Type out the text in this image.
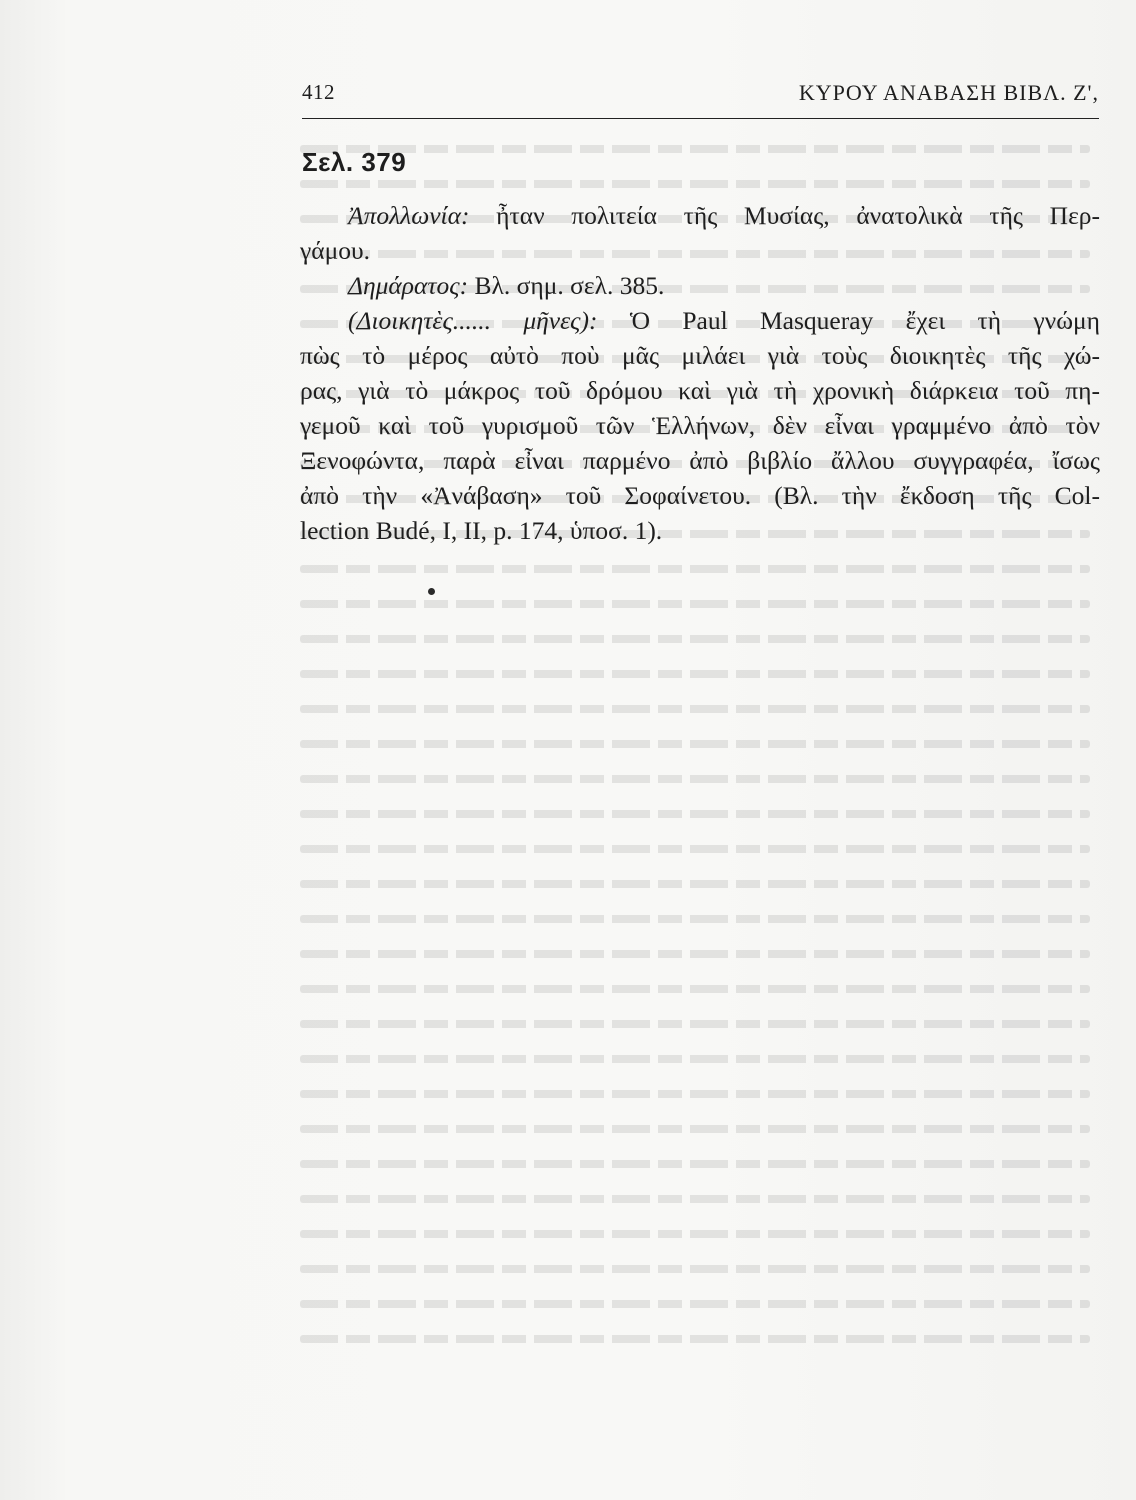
412	ΚΥΡΟΥ ΑΝΑΒΑΣΗ ΒΙΒΛ. Ζ',
Σελ. 379
Ἀπολλωνία: ἦταν πολιτεία τῆς Μυσίας, ἀνατολικὰ τῆς Περ-
γάμου.
Δημάρατος: Βλ. σημ. σελ. 385.
(Διοικητὲς...... μῆνες): Ὁ Paul Masqueray ἔχει τὴ γνώμη
πὼς τὸ μέρος αὐτὸ ποὺ μᾶς μιλάει γιὰ τοὺς διοικητὲς τῆς χώ-
ρας, γιὰ τὸ μάκρος τοῦ δρόμου καὶ γιὰ τὴ χρονικὴ διάρκεια τοῦ πη-
γεμοῦ καὶ τοῦ γυρισμοῦ τῶν Ἑλλήνων, δὲν εἶναι γραμμένο ἀπὸ τὸν
Ξενοφώντα, παρὰ εἶναι παρμένο ἀπὸ βιβλίο ἄλλου συγγραφέα, ἴσως
ἀπὸ τὴν «Ἀνάβαση» τοῦ Σοφαίνετου. (Βλ. τὴν ἔκδοση τῆς Col-
lection Budé, I, II, p. 174, ὑποσ. 1).
